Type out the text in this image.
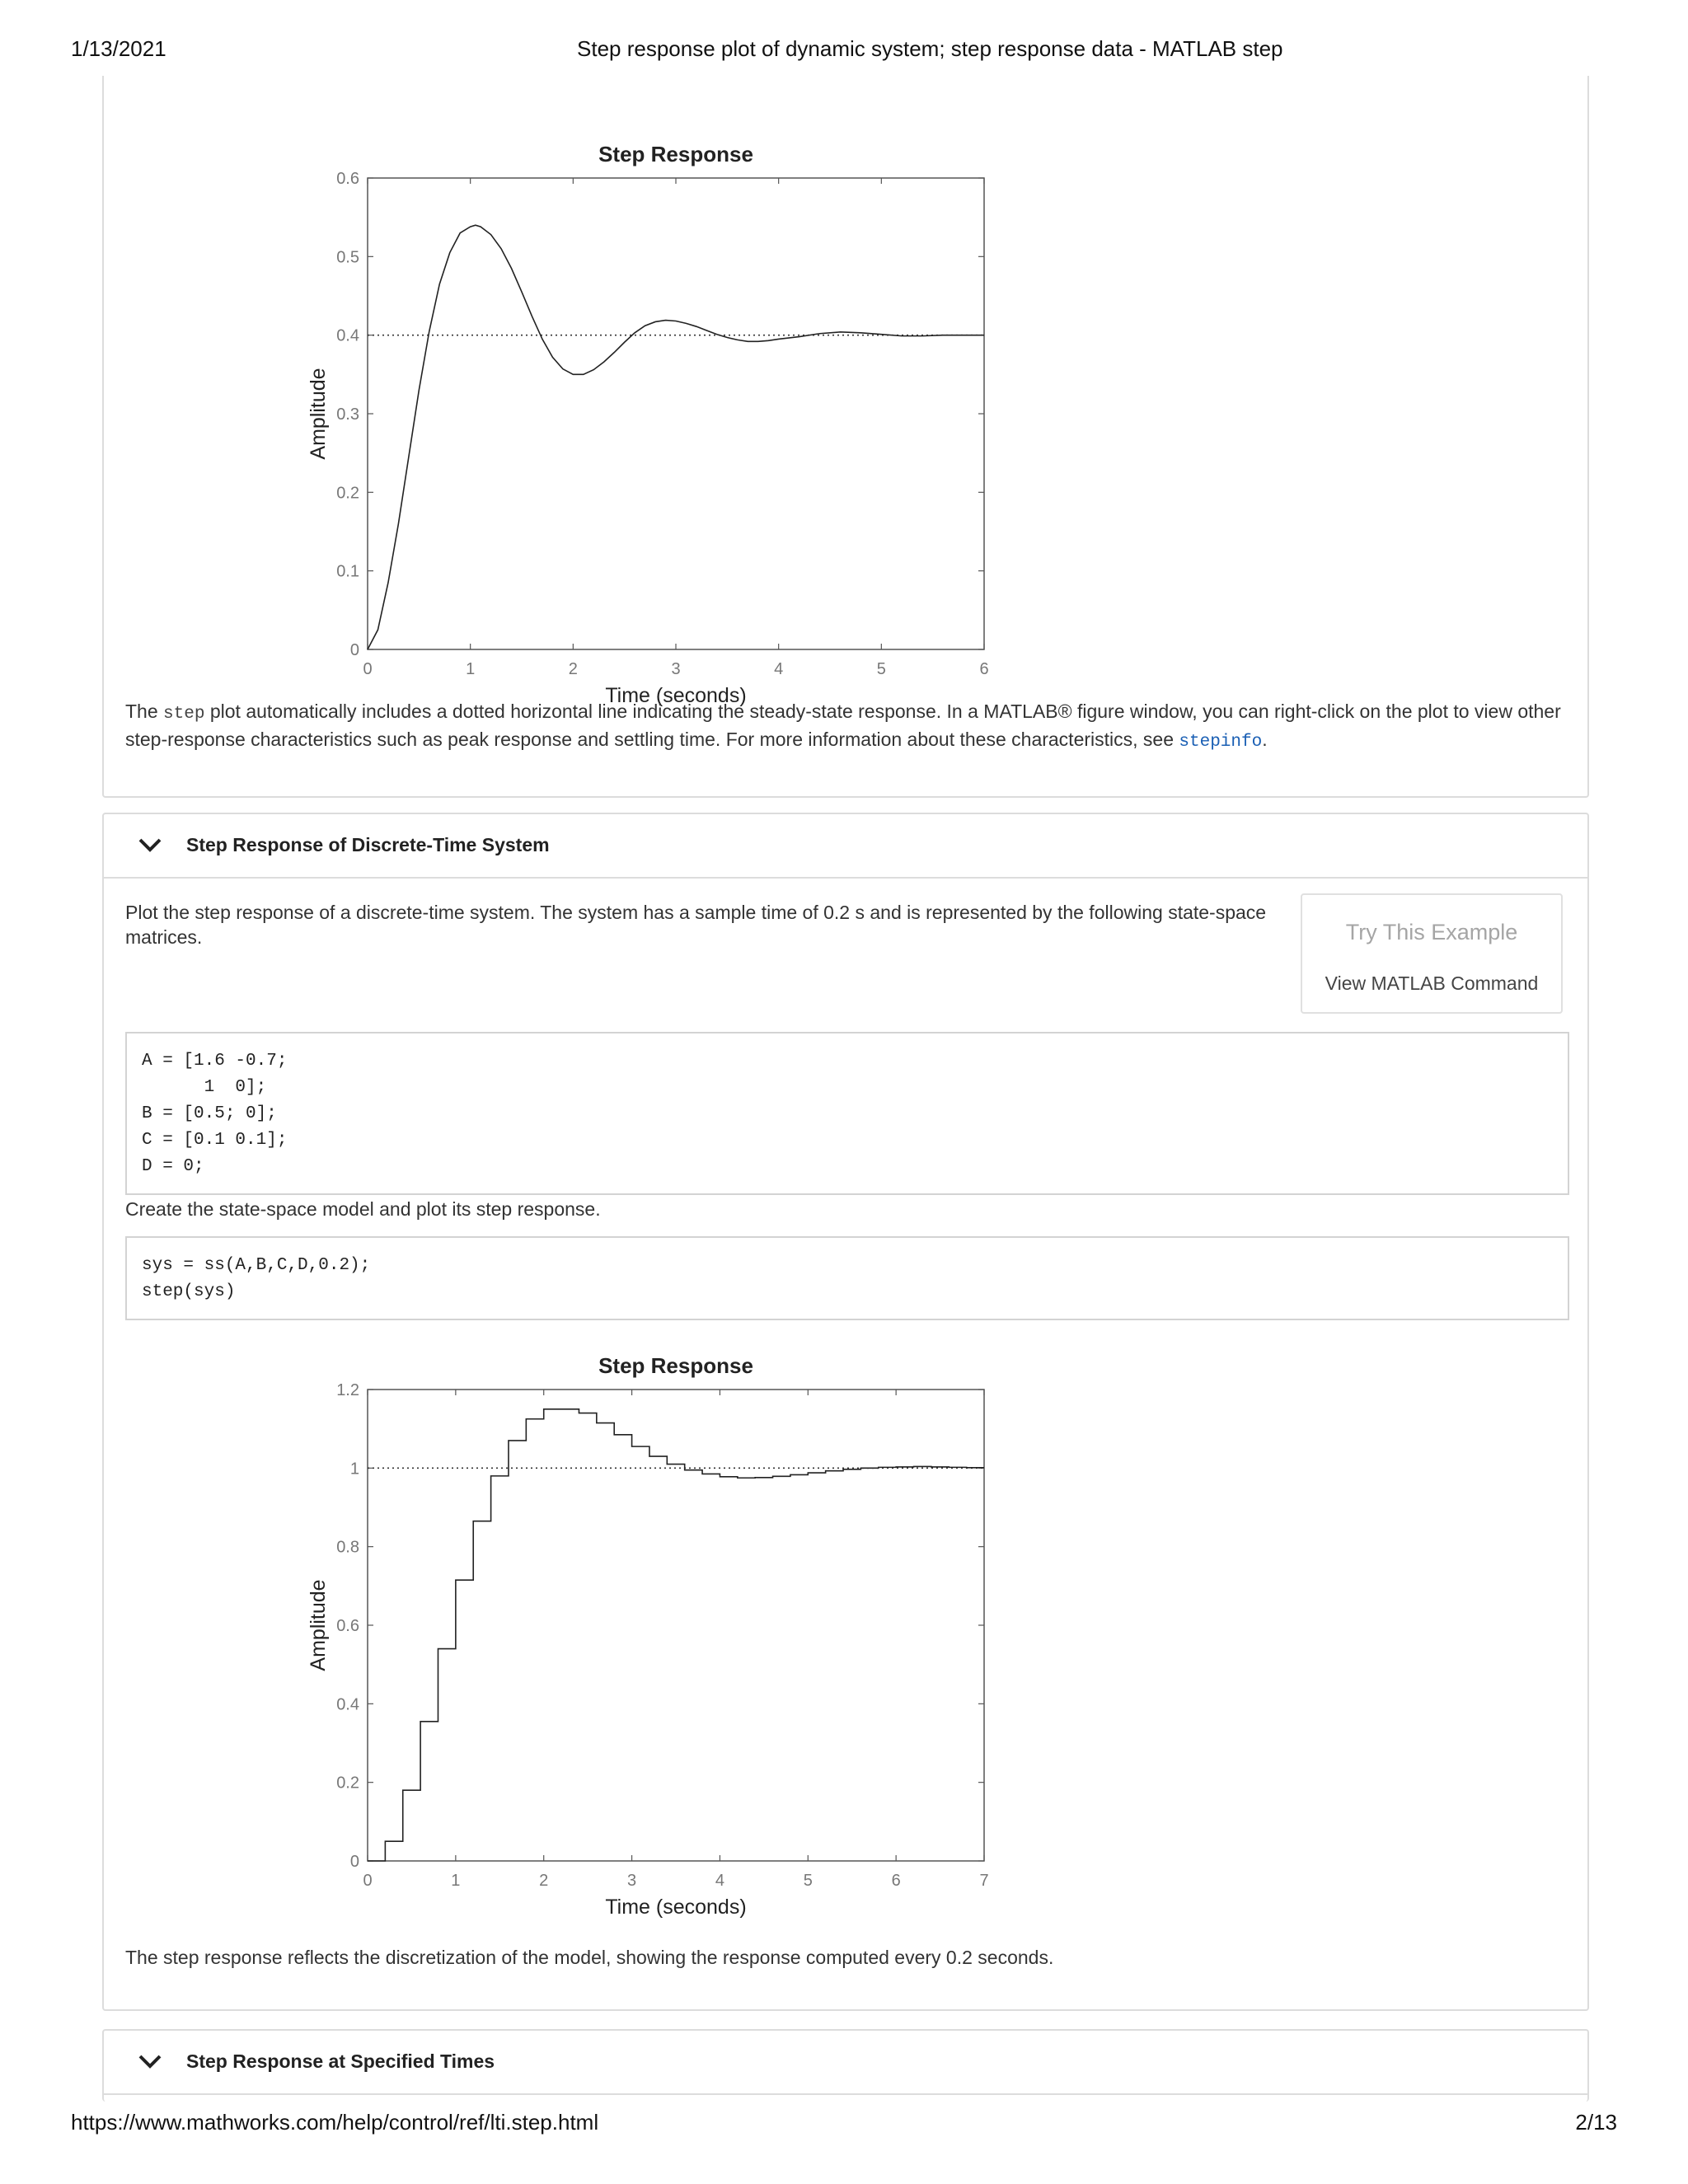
1/13/2021	Step response plot of dynamic system; step response data - MATLAB step
Step Response
0	1	2	3	4	5	6
0
0.1
0.2
0.3
0.4
0.5
0.6
Time (seconds)
Amplitude
The step plot automatically includes a dotted horizontal line indicating the steady-state response. In a MATLAB® figure window, you can right-click on the plot to view other
step-response characteristics such as peak response and settling time. For more information about these characteristics, see stepinfo.
Step Response of Discrete-Time System
Plot the step response of a discrete-time system. The system has a sample time of 0.2 s and is represented by the following state-space
matrices.	Try This Example
View MATLAB Command
A = [1.6 -0.7;
1  0];
B = [0.5; 0];
C = [0.1 0.1];
D = 0;
Create the state-space model and plot its step response.
sys = ss(A,B,C,D,0.2);
step(sys)
Step Response
0	1	2	3	4	5	6	7
0
0.2
0.4
0.6
0.8
1
1.2
Time (seconds)
Amplitude
The step response reflects the discretization of the model, showing the response computed every 0.2 seconds.
Step Response at Specified Times
https://www.mathworks.com/help/control/ref/lti.step.html	2/13
